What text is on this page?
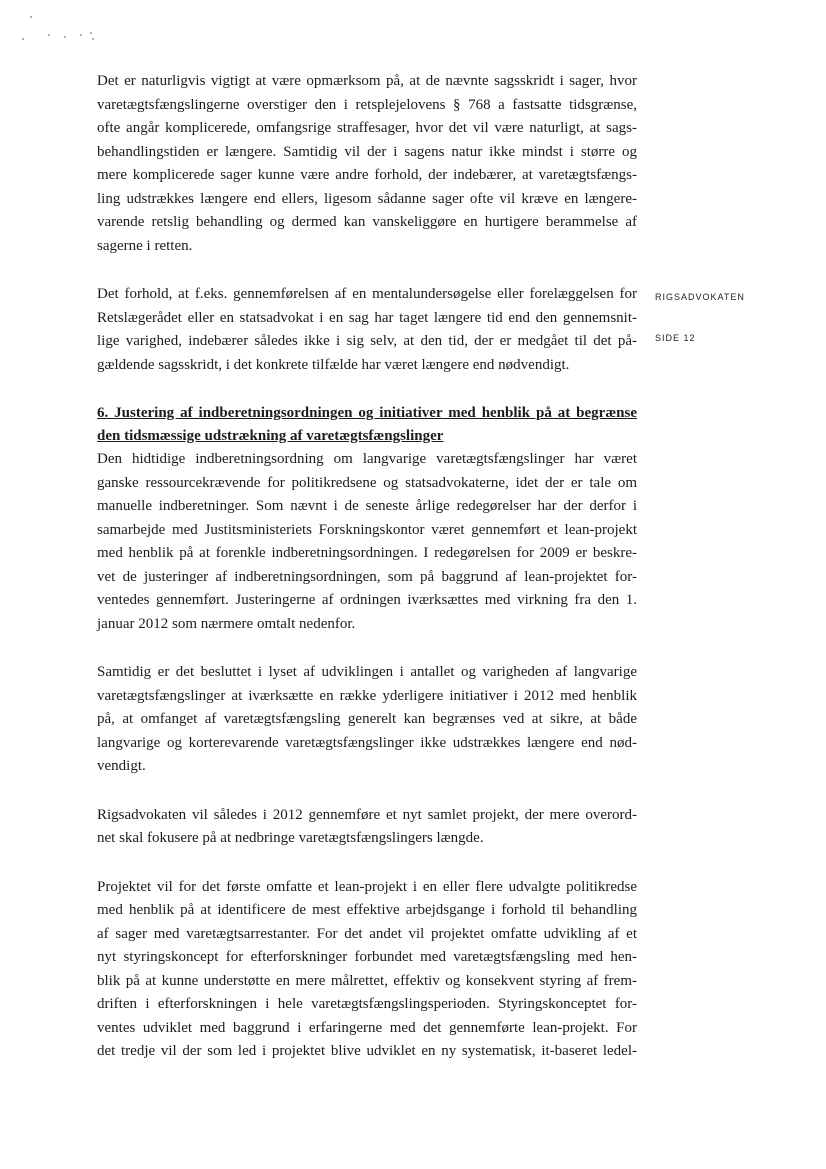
RIGSADVOKATEN
SIDE 12

Det er naturligvis vigtigt at være opmærksom på, at de nævnte sagsskridt i sager, hvor
varetægtsfængslingerne overstiger den i retsplejelovens § 768 a fastsatte tidsgrænse,
ofte angår komplicerede, omfangsrige straffesager, hvor det vil være naturligt, at sags-
behandlingstiden er længere. Samtidig vil der i sagens natur ikke mindst i større og
mere komplicerede sager kunne være andre forhold, der indebærer, at varetægtsfængs-
ling udstrækkes længere end ellers, ligesom sådanne sager ofte vil kræve en længere-
varende retslig behandling og dermed kan vanskeliggøre en hurtigere berammelse af
sagerne i retten.

Det forhold, at f.eks. gennemførelsen af en mentalundersøgelse eller forelæggelsen for
Retslægerådet eller en statsadvokat i en sag har taget længere tid end den gennemsnit-
lige varighed, indebærer således ikke i sig selv, at den tid, der er medgået til det på-
gældende sagsskridt, i det konkrete tilfælde har været længere end nødvendigt.

6. Justering af indberetningsordningen og initiativer med henblik på at begrænse
den tidsmæssige udstrækning af varetægtsfængslinger

Den hidtidige indberetningsordning om langvarige varetægtsfængslinger har været
ganske ressourcekrævende for politikredsene og statsadvokaterne, idet der er tale om
manuelle indberetninger. Som nævnt i de seneste årlige redegørelser har der derfor i
samarbejde med Justitsministeriets Forskningskontor været gennemført et lean-projekt
med henblik på at forenkle indberetningsordningen. I redegørelsen for 2009 er beskre-
vet de justeringer af indberetningsordningen, som på baggrund af lean-projektet for-
ventedes gennemført. Justeringerne af ordningen iværksættes med virkning fra den 1.
januar 2012 som nærmere omtalt nedenfor.

Samtidig er det besluttet i lyset af udviklingen i antallet og varigheden af langvarige
varetægtsfængslinger at iværksætte en række yderligere initiativer i 2012 med henblik
på, at omfanget af varetægtsfængsling generelt kan begrænses ved at sikre, at både
langvarige og korterevarende varetægtsfængslinger ikke udstrækkes længere end nød-
vendigt.

Rigsadvokaten vil således i 2012 gennemføre et nyt samlet projekt, der mere overord-
net skal fokusere på at nedbringe varetægtsfængslingers længde.

Projektet vil for det første omfatte et lean-projekt i en eller flere udvalgte politikredse
med henblik på at identificere de mest effektive arbejdsgange i forhold til behandling
af sager med varetægtsarrestanter. For det andet vil projektet omfatte udvikling af et
nyt styringskoncept for efterforskninger forbundet med varetægtsfængsling med hen-
blik på at kunne understøtte en mere målrettet, effektiv og konsekvent styring af frem-
driften i efterforskningen i hele varetægtsfængslingsperioden. Styringskonceptet for-
ventes udviklet med baggrund i erfaringerne med det gennemførte lean-projekt. For
det tredje vil der som led i projektet blive udviklet en ny systematisk, it-baseret ledel-
